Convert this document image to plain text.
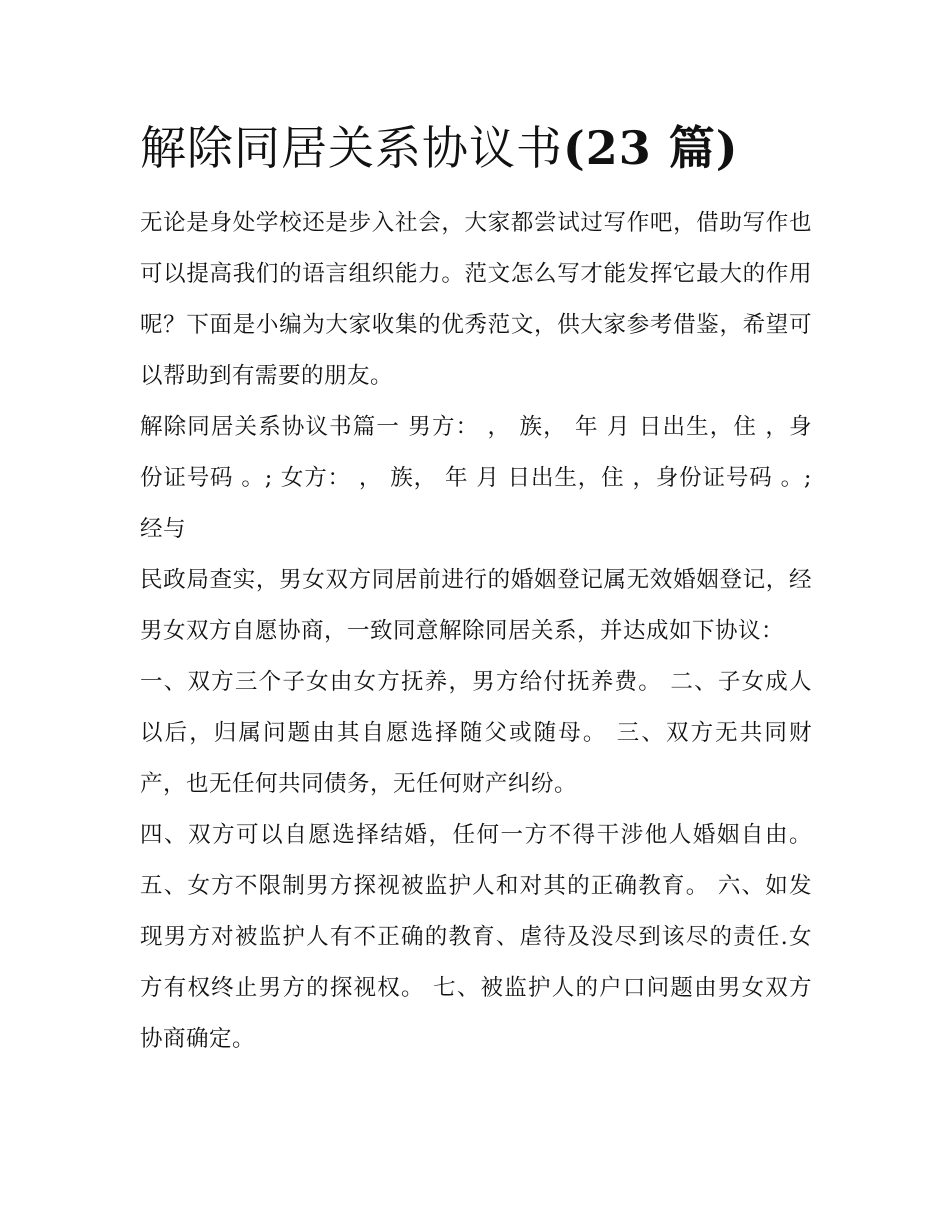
解除同居关系协议书(23 篇)

无论是身处学校还是步入社会，大家都尝试过写作吧，借助写作也可以提高我们的语言组织能力。范文怎么写才能发挥它最大的作用呢？下面是小编为大家收集的优秀范文，供大家参考借鉴，希望可以帮助到有需要的朋友。

解除同居关系协议书篇一 男方： ， 族， 年 月 日出生，住 ，身份证号码 。; 女方： ， 族， 年 月 日出生，住 ，身份证号码 。; 经与

民政局查实，男女双方同居前进行的婚姻登记属无效婚姻登记，经男女双方自愿协商，一致同意解除同居关系，并达成如下协议：

一、双方三个子女由女方抚养，男方给付抚养费。 二、子女成人以后，归属问题由其自愿选择随父或随母。 三、双方无共同财产，也无任何共同债务，无任何财产纠纷。

四、双方可以自愿选择结婚，任何一方不得干涉他人婚姻自由。 五、女方不限制男方探视被监护人和对其的正确教育。 六、如发现男方对被监护人有不正确的教育、虐待及没尽到该尽的责任.女方有权终止男方的探视权。 七、被监护人的户口问题由男女双方协商确定。
